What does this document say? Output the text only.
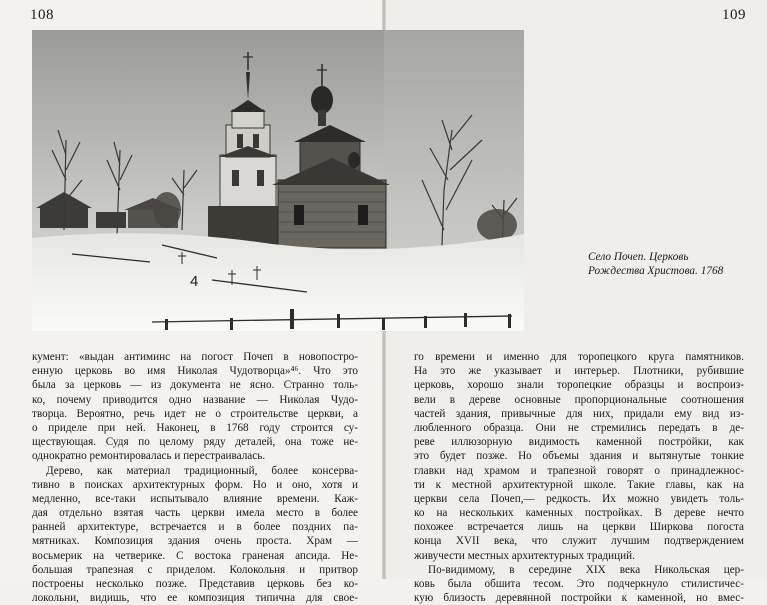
108	109
4
Село Почеп. Церковь
Рождества Христова. 1768
кумент: «выдан антиминс на погост Почеп в новопостро-
енную церковь во имя Николая Чудотворца»⁴⁶. Что это
была за церковь — из документа не ясно. Странно толь-
ко, почему приводится одно название — Николая Чудо-
творца. Вероятно, речь идет не о строительстве церкви, а
о приделе при ней. Наконец, в 1768 году строится су-
ществующая. Судя по целому ряду деталей, она тоже не-
однократно ремонтировалась и перестраивалась.
Дерево, как материал традиционный, более консерва-
тивно в поисках архитектурных форм. Но и оно, хотя и
медленно, все-таки испытывало влияние времени. Каж-
дая отдельно взятая часть церкви имела место в более
ранней архитектуре, встречается и в более поздних па-
мятниках. Композиция здания очень проста. Храм —
восьмерик на четверике. С востока граненая апсида. Не-
большая трапезная с приделом. Колокольня и притвор
построены несколько позже. Представив церковь без ко-
локольни, видишь, что ее композиция типична для свое-
го времени и именно для торопецкого круга памятников.
На это же указывает и интерьер. Плотники, рубившие
церковь, хорошо знали торопецкие образцы и воспроиз-
вели в дереве основные пропорциональные соотношения
частей здания, привычные для них, придали ему вид из-
любленного образца. Они не стремились передать в де-
реве иллюзорную видимость каменной постройки, как
это будет позже. Но объемы здания и вытянутые тонкие
главки над храмом и трапезной говорят о принадлежнос-
ти к местной архитектурной школе. Такие главы, как на
церкви села Почеп,— редкость. Их можно увидеть толь-
ко на нескольких каменных постройках. В дереве нечто
похожее встречается лишь на церкви Ширкова погоста
конца XVII века, что служит лучшим подтверждением
живучести местных архитектурных традиций.
По-видимому, в середине XIX века Никольская цер-
ковь была обшита тесом. Это подчеркнуло стилистичес-
кую близость деревянной постройки к каменной, но вмес-
